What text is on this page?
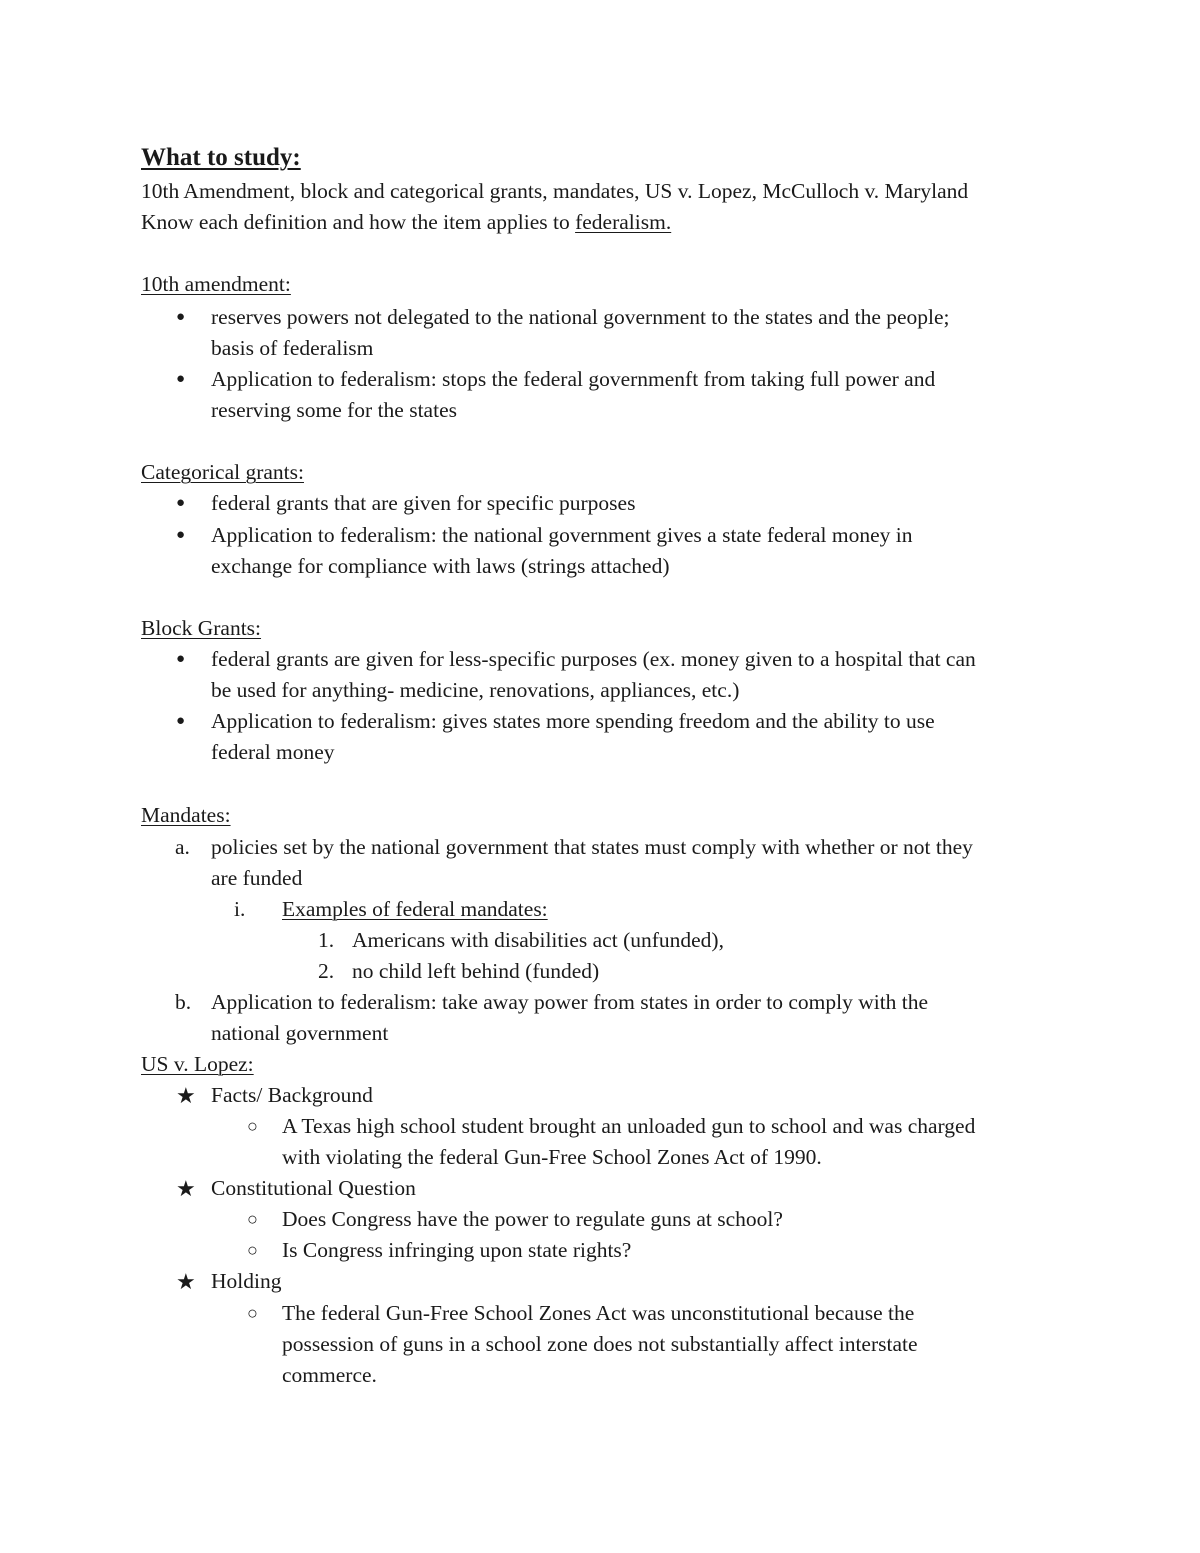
What to study:
10th Amendment, block and categorical grants, mandates, US v. Lopez, McCulloch v. Maryland
Know each definition and how the item applies to federalism.
10th amendment:
● reserves powers not delegated to the national government to the states and the people;
basis of federalism
● Application to federalism: stops the federal governmenft from taking full power and
reserving some for the states
Categorical grants:
● federal grants that are given for specific purposes
● Application to federalism: the national government gives a state federal money in
exchange for compliance with laws (strings attached)
Block Grants:
● federal grants are given for less-specific purposes (ex. money given to a hospital that can
be used for anything- medicine, renovations, appliances, etc.)
● Application to federalism: gives states more spending freedom and the ability to use
federal money
Mandates:
a. policies set by the national government that states must comply with whether or not they
are funded
i. Examples of federal mandates:
1. Americans with disabilities act (unfunded),
2. no child left behind (funded)
b. Application to federalism: take away power from states in order to comply with the
national government
US v. Lopez:
★ Facts/ Background
○ A Texas high school student brought an unloaded gun to school and was charged
with violating the federal Gun-Free School Zones Act of 1990.
★ Constitutional Question
○ Does Congress have the power to regulate guns at school?
○ Is Congress infringing upon state rights?
★ Holding
○ The federal Gun-Free School Zones Act was unconstitutional because the
possession of guns in a school zone does not substantially affect interstate
commerce.
